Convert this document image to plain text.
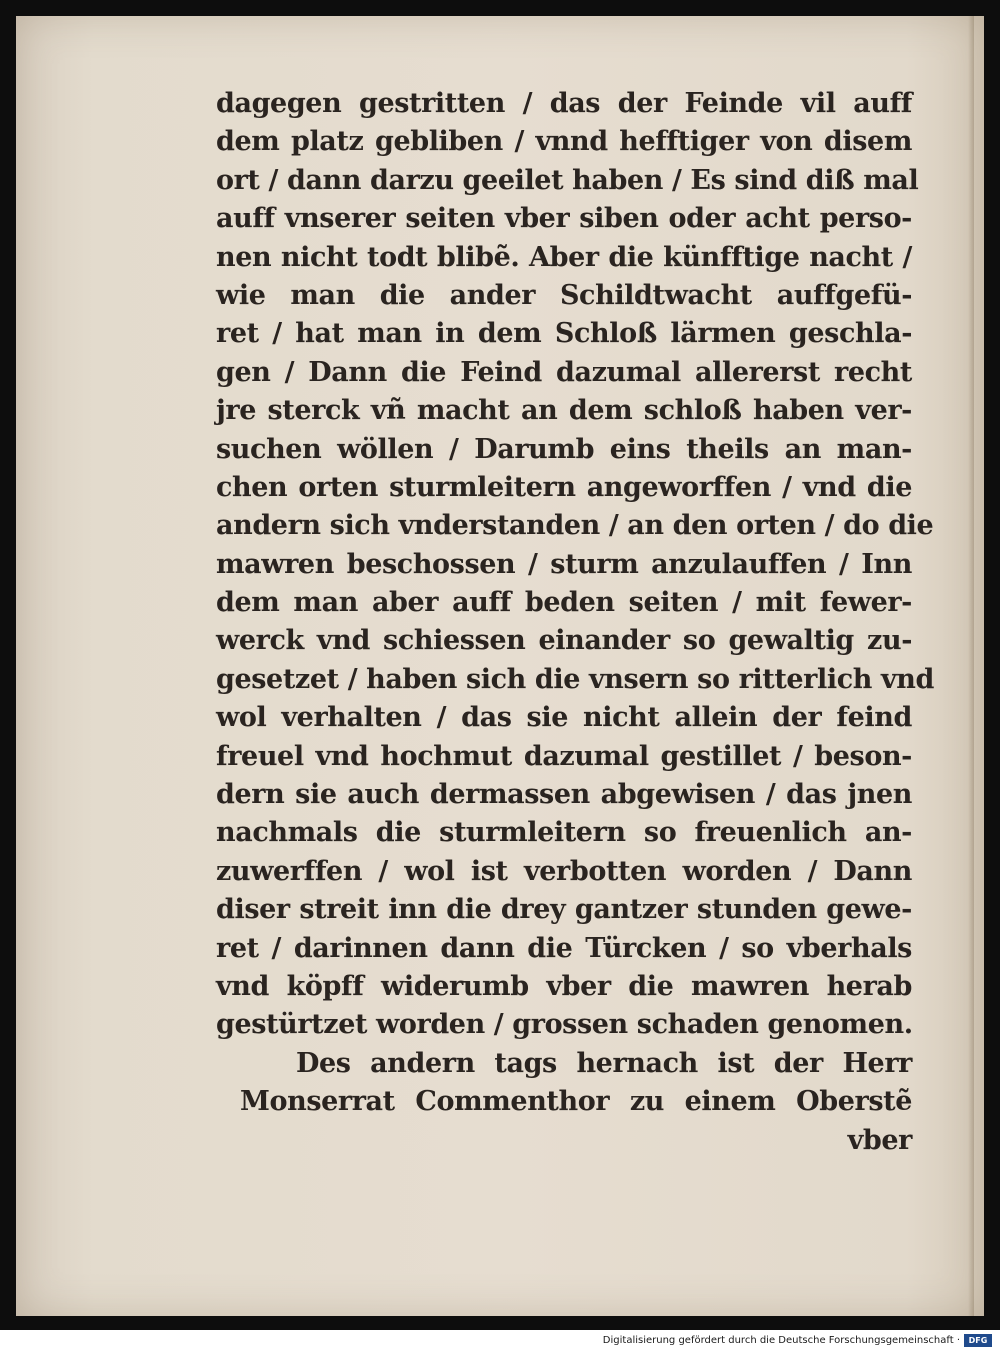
dagegen gestritten / das der Feinde vil auff
dem platz gebliben / vnnd hefftiger von disem
ort / dann darzu geeilet haben / Es sind diß mal
auff vnserer seiten vber siben oder acht perso-
nen nicht todt blibẽ. Aber die künfftige nacht /
wie man die ander Schildtwacht auffgefü-
ret / hat man in dem Schloß lärmen geschla-
gen / Dann die Feind dazumal allererst recht
jre sterck vñ macht an dem schloß haben ver-
suchen wöllen / Darumb eins theils an man-
chen orten sturmleitern angeworffen / vnd die
andern sich vnderstanden / an den orten / do die
mawren beschossen / sturm anzulauffen / Inn
dem man aber auff beden seiten / mit fewer-
werck vnd schiessen einander so gewaltig zu-
gesetzet / haben sich die vnsern so ritterlich vnd
wol verhalten / das sie nicht allein der feind
freuel vnd hochmut dazumal gestillet / beson-
dern sie auch dermassen abgewisen / das jnen
nachmals die sturmleitern so freuenlich an-
zuwerffen / wol ist verbotten worden / Dann
diser streit inn die drey gantzer stunden gewe-
ret / darinnen dann die Türcken / so vberhals
vnd köpff widerumb vber die mawren herab
gestürtzet worden / grossen schaden genomen.
Des andern tags hernach ist der Herr
Monserrat Commenthor zu einem Oberstẽ
vber
Digitalisierung gefördert durch die Deutsche Forschungsgemeinschaft ·	DFG
